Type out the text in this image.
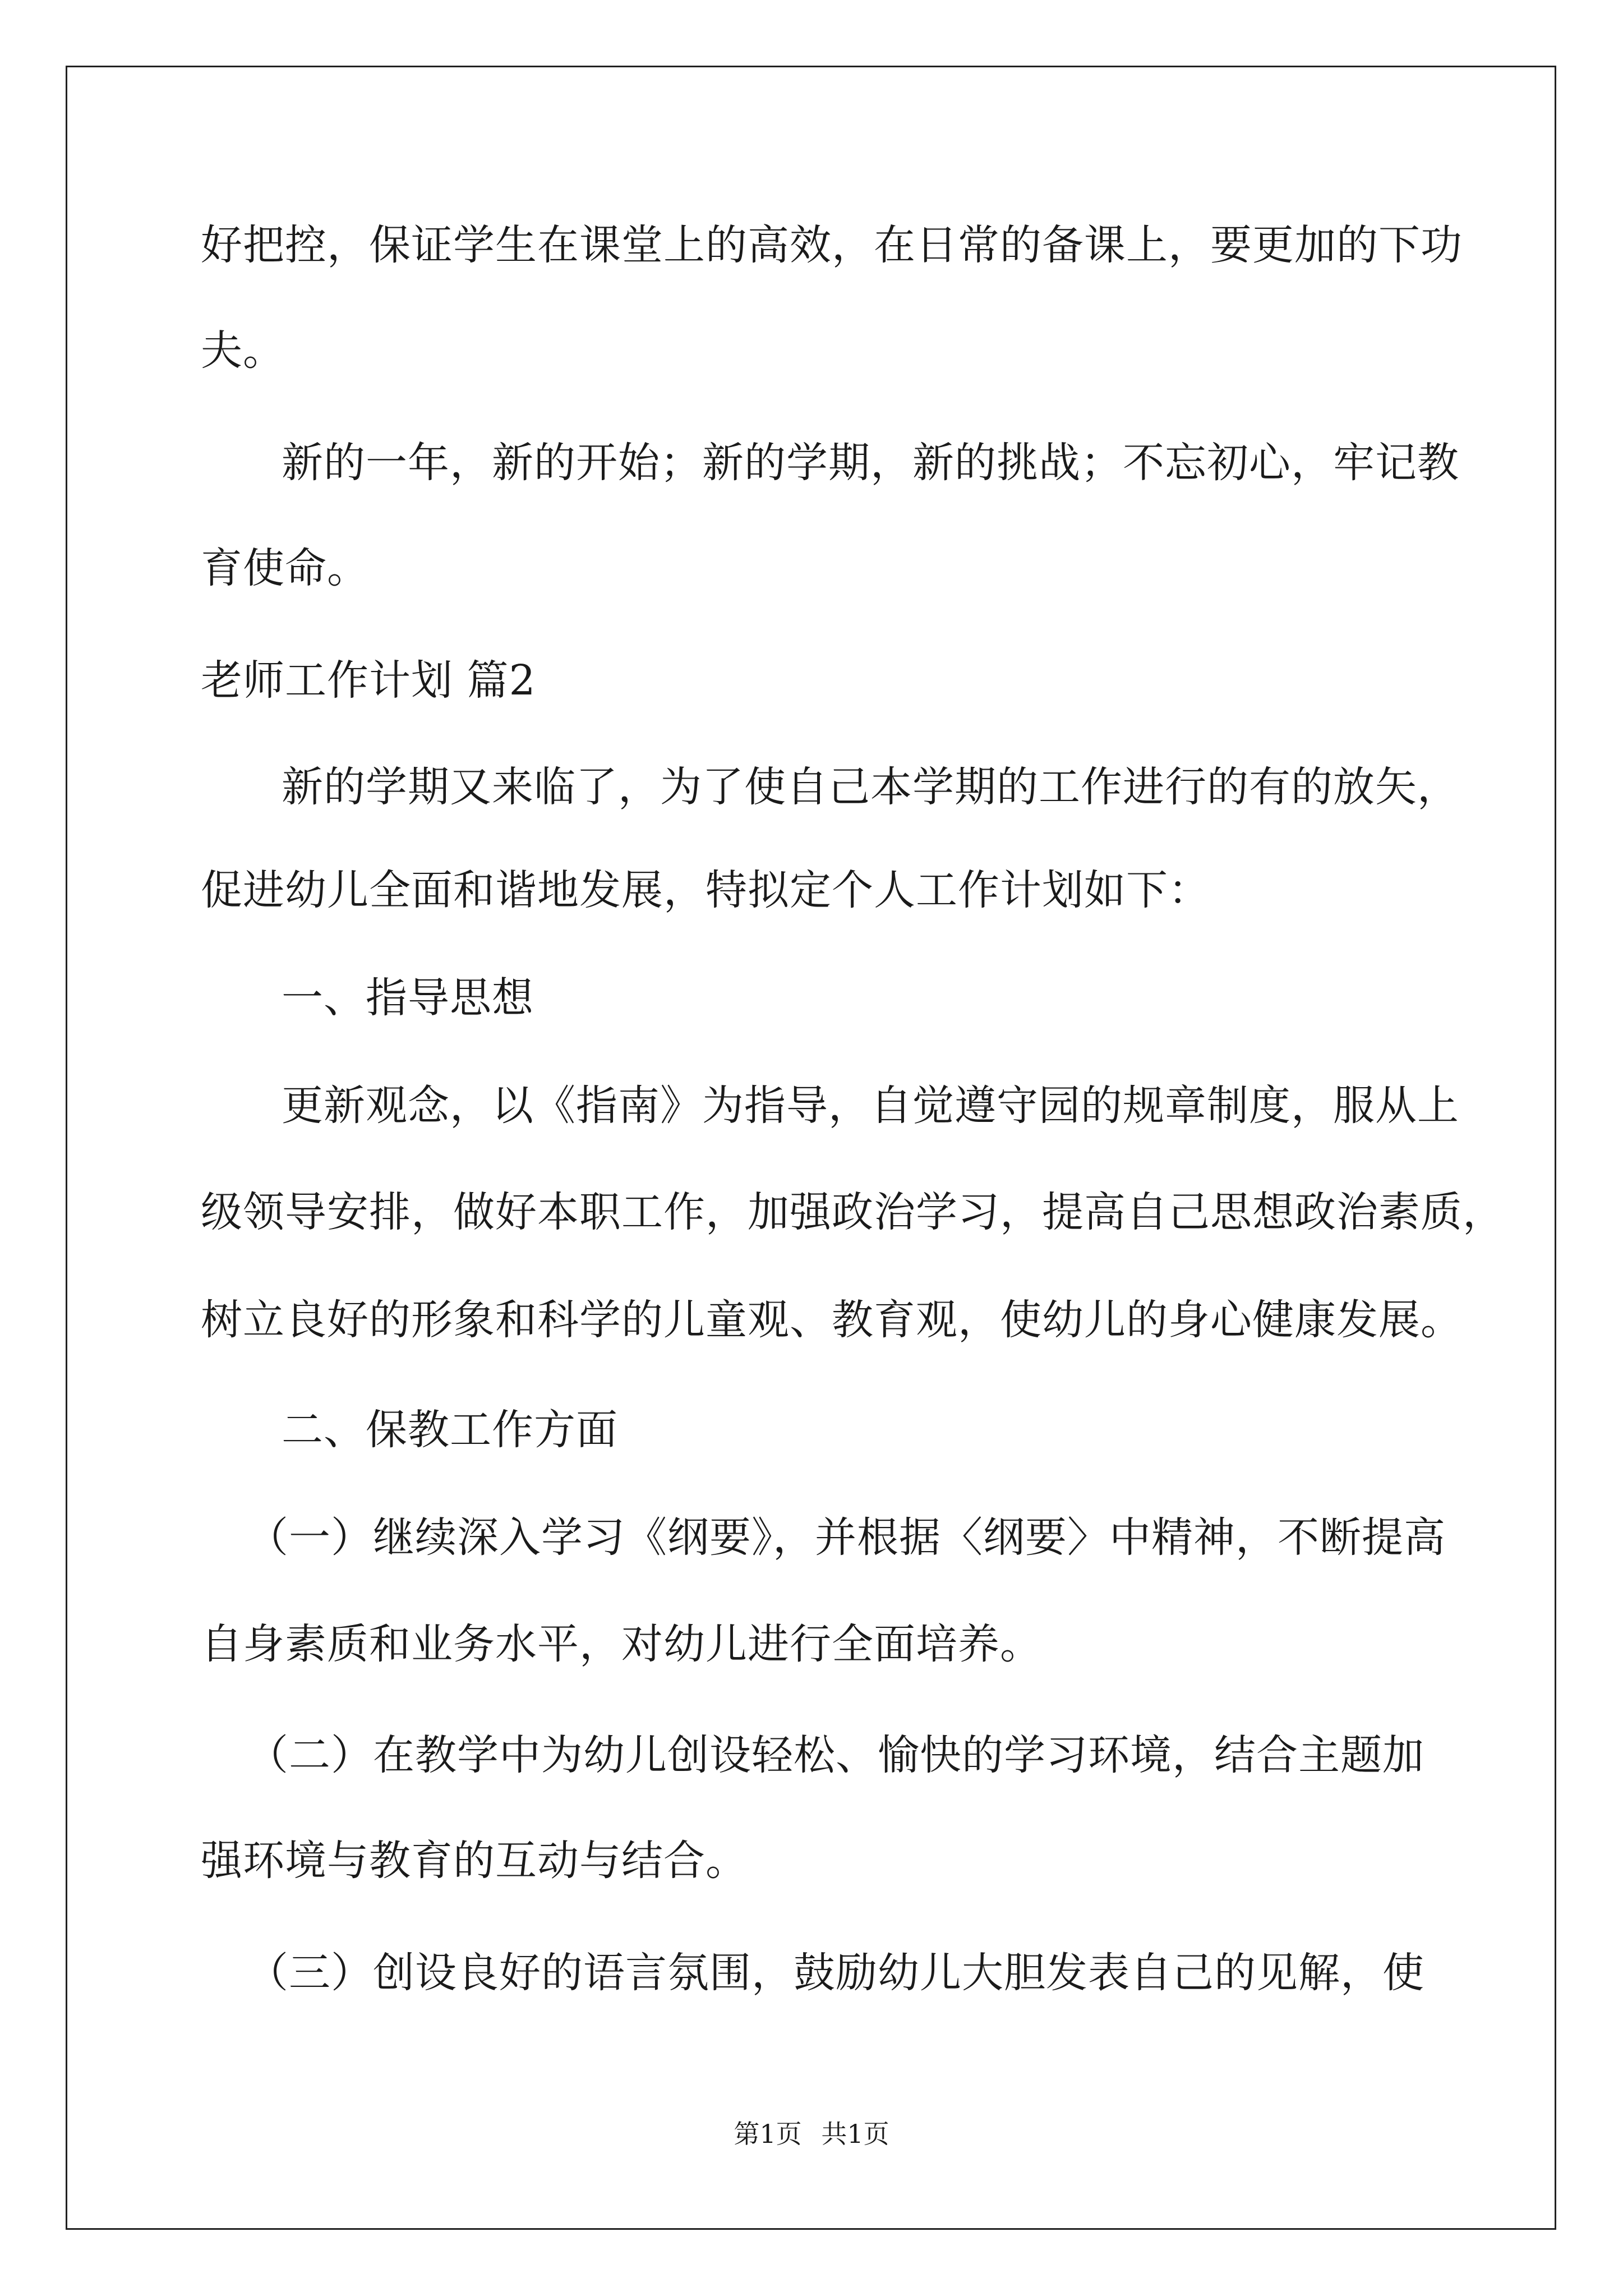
好把控，保证学生在课堂上的高效，在日常的备课上，要更加的下功
夫。
新的一年，新的开始；新的学期，新的挑战；不忘初心，牢记教
育使命。
老师工作计划 篇2
新的学期又来临了，为了使自己本学期的工作进行的有的放矢，
促进幼儿全面和谐地发展，特拟定个人工作计划如下：
一、指导思想
更新观念，以《指南》为指导，自觉遵守园的规章制度，服从上
级领导安排，做好本职工作，加强政治学习，提高自己思想政治素质，
树立良好的形象和科学的儿童观、教育观，使幼儿的身心健康发展。
二、保教工作方面
（一）继续深入学习《纲要》，并根据〈纲要〉中精神，不断提高
自身素质和业务水平，对幼儿进行全面培养。
（二）在教学中为幼儿创设轻松、愉快的学习环境，结合主题加
强环境与教育的互动与结合。
（三）创设良好的语言氛围，鼓励幼儿大胆发表自己的见解，使
第1页 共1页
